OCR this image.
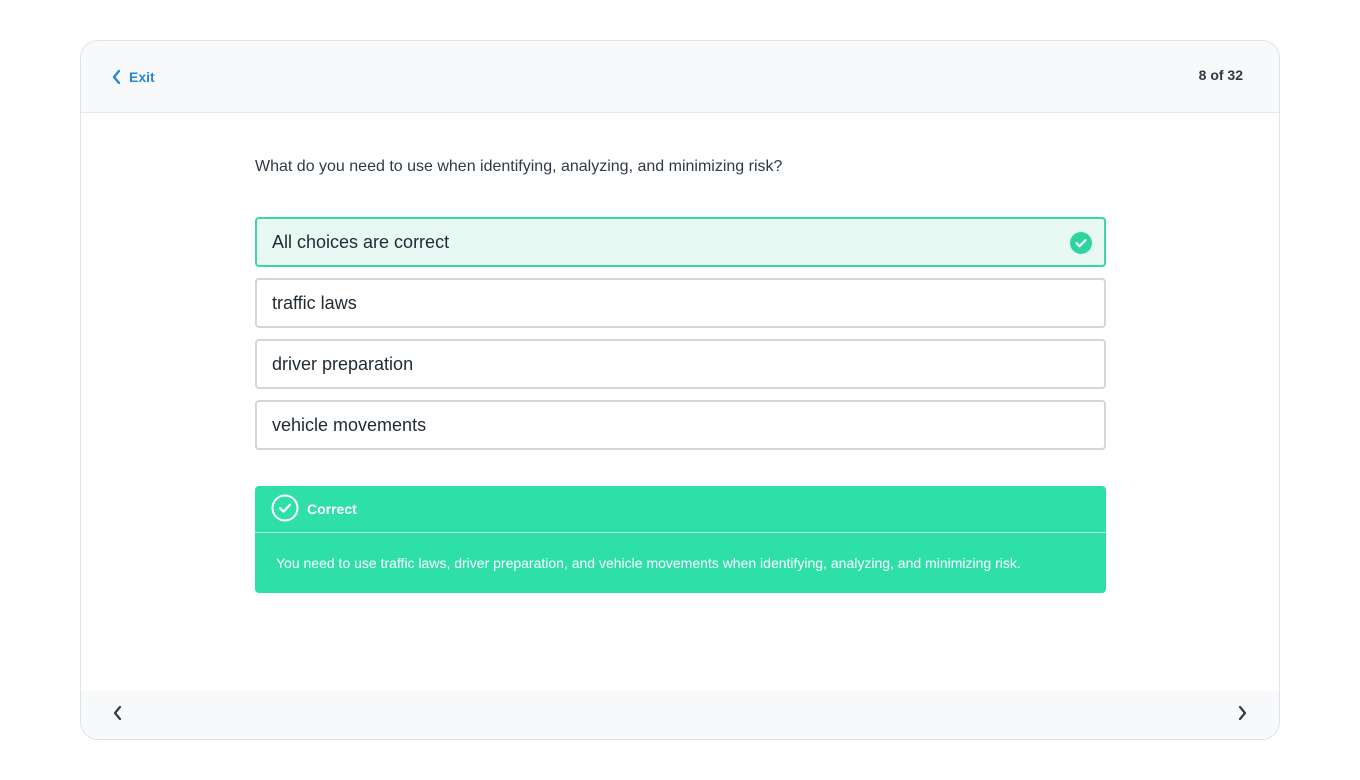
Exit	8 of 32
What do you need to use when identifying, analyzing, and minimizing risk?
All choices are correct
traffic laws
driver preparation
vehicle movements
Correct
You need to use traffic laws, driver preparation, and vehicle movements when identifying, analyzing, and minimizing risk.
